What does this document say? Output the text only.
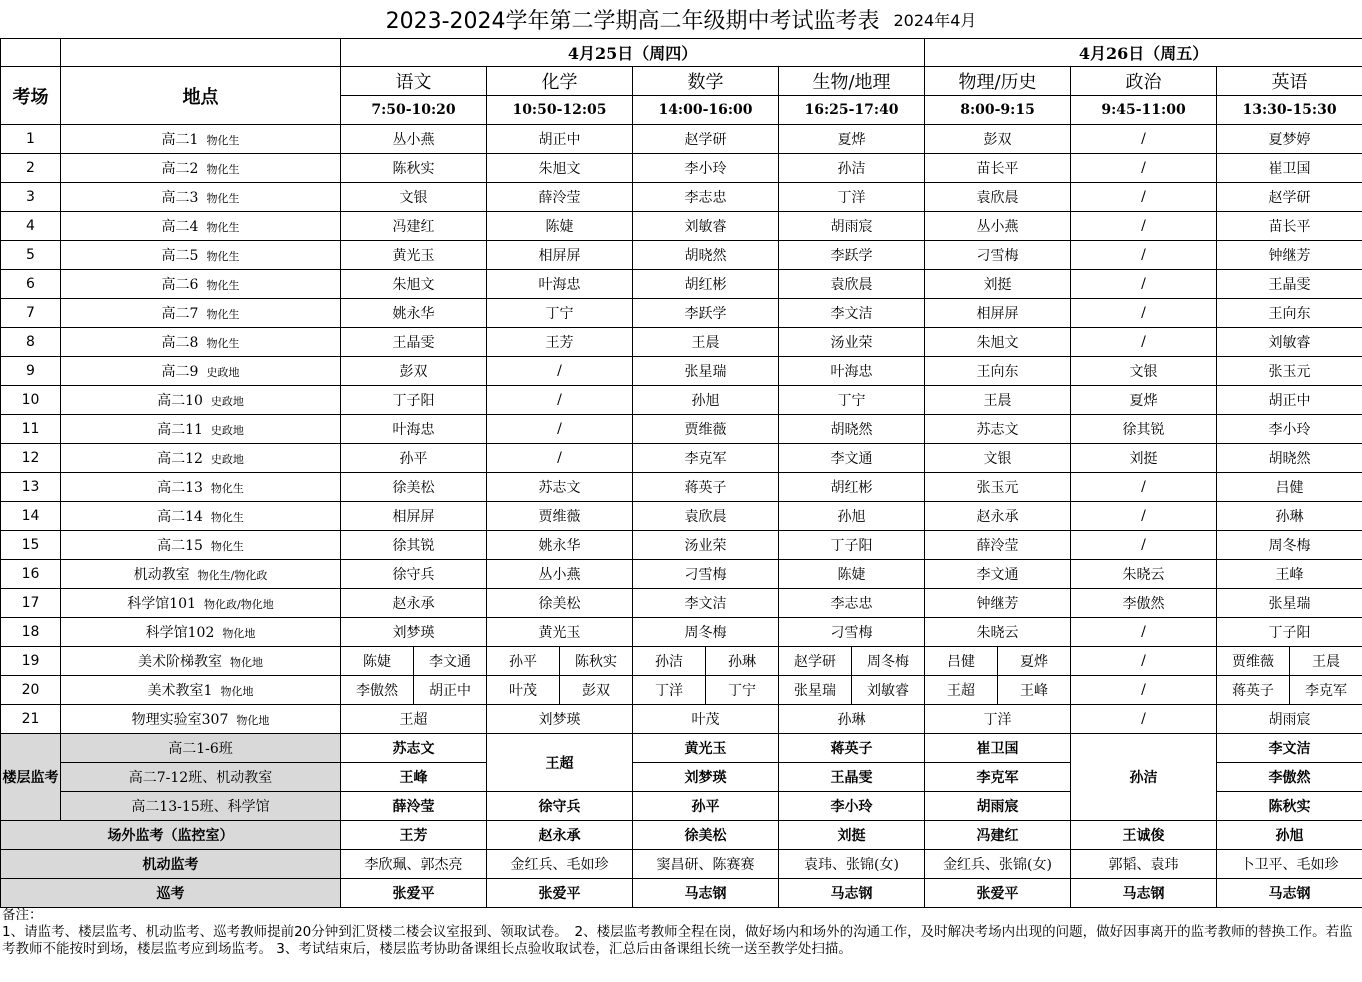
2023-2024学年第二学期高二年级期中考试监考表 2024年4月
		4月25日（周四）								4月26日（周五）				
考场	地点	语文		化学		数学		生物/地理		物理/历史		政治	英语	
		7:50-10:20		10:50-12:05		14:00-16:00		16:25-17:40		8:00-9:15		9:45-11:00	13:30-15:30	
1	高二1 物化生	丛小燕		胡正中		赵学研		夏烨		彭双		/	夏梦婷	
2	高二2 物化生	陈秋实		朱旭文		李小玲		孙洁		苗长平		/	崔卫国	
3	高二3 物化生	文银		薛泠莹		李志忠		丁洋		袁欣晨		/	赵学研	
4	高二4 物化生	冯建红		陈婕		刘敏睿		胡雨宸		丛小燕		/	苗长平	
5	高二5 物化生	黄光玉		相屏屏		胡晓然		李跃学		刁雪梅		/	钟继芳	
6	高二6 物化生	朱旭文		叶海忠		胡红彬		袁欣晨		刘挺		/	王晶雯	
7	高二7 物化生	姚永华		丁宁		李跃学		李文洁		相屏屏		/	王向东	
8	高二8 物化生	王晶雯		王芳		王晨		汤业荣		朱旭文		/	刘敏睿	
9	高二9 史政地	彭双		/		张星瑞		叶海忠		王向东		文银	张玉元	
10	高二10 史政地	丁子阳		/		孙旭		丁宁		王晨		夏烨	胡正中	
11	高二11 史政地	叶海忠		/		贾维薇		胡晓然		苏志文		徐其锐	李小玲	
12	高二12 史政地	孙平		/		李克军		李文通		文银		刘挺	胡晓然	
13	高二13 物化生	徐美松		苏志文		蒋英子		胡红彬		张玉元		/	吕健	
14	高二14 物化生	相屏屏		贾维薇		袁欣晨		孙旭		赵永承		/	孙琳	
15	高二15 物化生	徐其锐		姚永华		汤业荣		丁子阳		薛泠莹		/	周冬梅	
16	机动教室 物化生/物化政	徐守兵		丛小燕		刁雪梅		陈婕		李文通		朱晓云	王峰	
17	科学馆101 物化政/物化地	赵永承		徐美松		李文洁		李志忠		钟继芳		李傲然	张星瑞	
18	科学馆102 物化地	刘梦瑛		黄光玉		周冬梅		刁雪梅		朱晓云		/	丁子阳	
19	美术阶梯教室 物化地	陈婕	李文通	孙平	陈秋实	孙洁	孙琳	赵学研	周冬梅	吕健	夏烨	/	贾维薇	王晨
20	美术教室1 物化地	李傲然	胡正中	叶茂	彭双	丁洋	丁宁	张星瑞	刘敏睿	王超	王峰	/	蒋英子	李克军
21	物理实验室307 物化地	王超		刘梦瑛		叶茂		孙琳		丁洋		/	胡雨宸	
楼层监考	高二1-6班	苏志文		王超		黄光玉		蒋英子		崔卫国		孙洁	李文洁	
	高二7-12班、机动教室	王峰				刘梦瑛		王晶雯		李克军			李傲然	
	高二13-15班、科学馆	薛泠莹		徐守兵		孙平		李小玲		胡雨宸			陈秋实	
场外监考（监控室）		王芳		赵永承		徐美松		刘挺		冯建红		王诚俊	孙旭	
机动监考		李欣珮、郭杰亮		金红兵、毛如珍		窦昌研、陈赛赛		袁玮、张锦(女)		金红兵、张锦(女)		郭韬、袁玮	卜卫平、毛如珍	
巡考		张爱平		张爱平		马志钢		马志钢		张爱平		马志钢	马志钢	

备注：

1、请监考、楼层监考、机动监考、巡考教师提前20分钟到汇贤楼二楼会议室报到、领取试卷。　2、楼层监考教师全程在岗，做好场内和场外的沟通工作，及时解决考场内出现的问题，做好因事离开的监考教师的替换工作。若监考教师不能按时到场，楼层监考应到场监考。 3、考试结束后，楼层监考协助备课组长点验收取试卷，汇总后由备课组长统一送至教学处扫描。
